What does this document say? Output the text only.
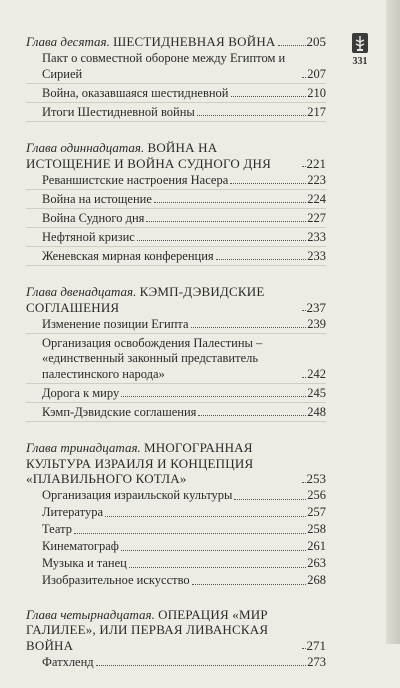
331
Глава десятая. ШЕСТИДНЕВНАЯ ВОЙНА 205
Пакт о совместной обороне между Египтом и Сирией	207
Война, оказавшаяся шестидневной	210
Итоги Шестидневной войны	217
Глава одиннадцатая. ВОЙНА НА ИСТОЩЕНИЕ И ВОЙНА СУДНОГО ДНЯ	221
Реваншистские настроения Насера	223
Война на истощение	224
Война Судного дня	227
Нефтяной кризис	233
Женевская мирная конференция	233
Глава двенадцатая. КЭМП-ДЭВИДСКИЕ СОГЛАШЕНИЯ	237
Изменение позиции Египта	239
Организация освобождения Палестины – «единственный законный представитель палестинского народа»	242
Дорога к миру	245
Кэмп-Дэвидские соглашения	248
Глава тринадцатая. МНОГОГРАННАЯ КУЛЬТУРА ИЗРАИЛЯ И КОНЦЕПЦИЯ «ПЛАВИЛЬНОГО КОТЛА»	253
Организация израильской культуры	256
Литература	257
Театр	258
Кинематограф	261
Музыка и танец	263
Изобразительное искусство	268
Глава четырнадцатая. ОПЕРАЦИЯ «МИР ГАЛИЛЕЕ», ИЛИ ПЕРВАЯ ЛИВАНСКАЯ ВОЙНА	271
Фатхленд	273
